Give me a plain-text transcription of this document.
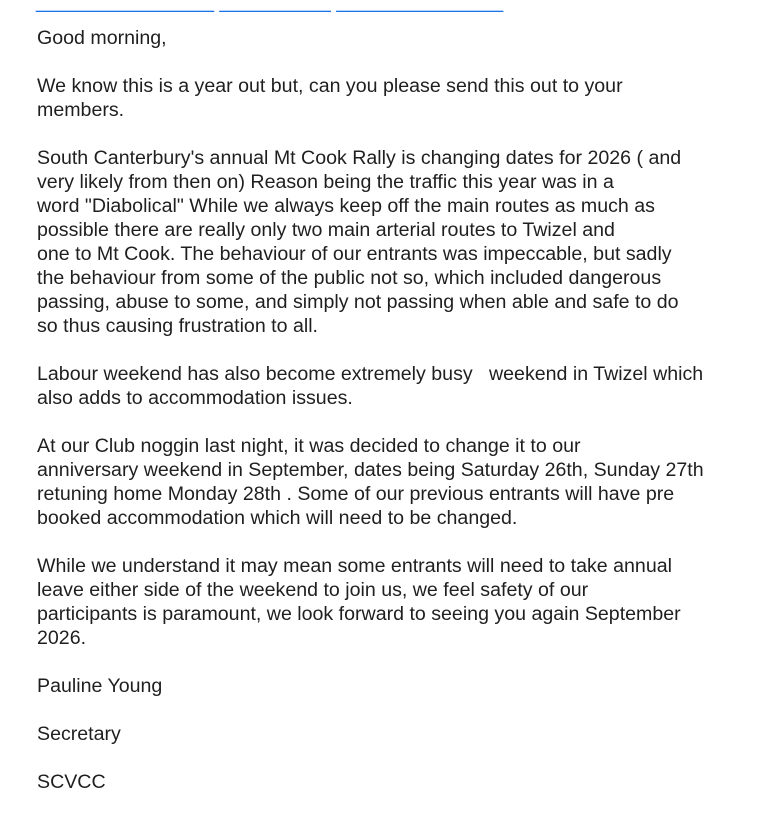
________________ __________ _______________

Good morning,

We know this is a year out but, can you please send this out to your
members.

South Canterbury's annual Mt Cook Rally is changing dates for 2026 ( and
very likely from then on) Reason being the traffic this year was in a
word "Diabolical" While we always keep off the main routes as much as
possible there are really only two main arterial routes to Twizel and
one to Mt Cook. The behaviour of our entrants was impeccable, but sadly
the behaviour from some of the public not so, which included dangerous
passing, abuse to some, and simply not passing when able and safe to do
so thus causing frustration to all.

Labour weekend has also become extremely busy   weekend in Twizel which
also adds to accommodation issues.

At our Club noggin last night, it was decided to change it to our
anniversary weekend in September, dates being Saturday 26th, Sunday 27th
retuning home Monday 28th . Some of our previous entrants will have pre
booked accommodation which will need to be changed.

While we understand it may mean some entrants will need to take annual
leave either side of the weekend to join us, we feel safety of our
participants is paramount, we look forward to seeing you again September
2026.

Pauline Young

Secretary

SCVCC
